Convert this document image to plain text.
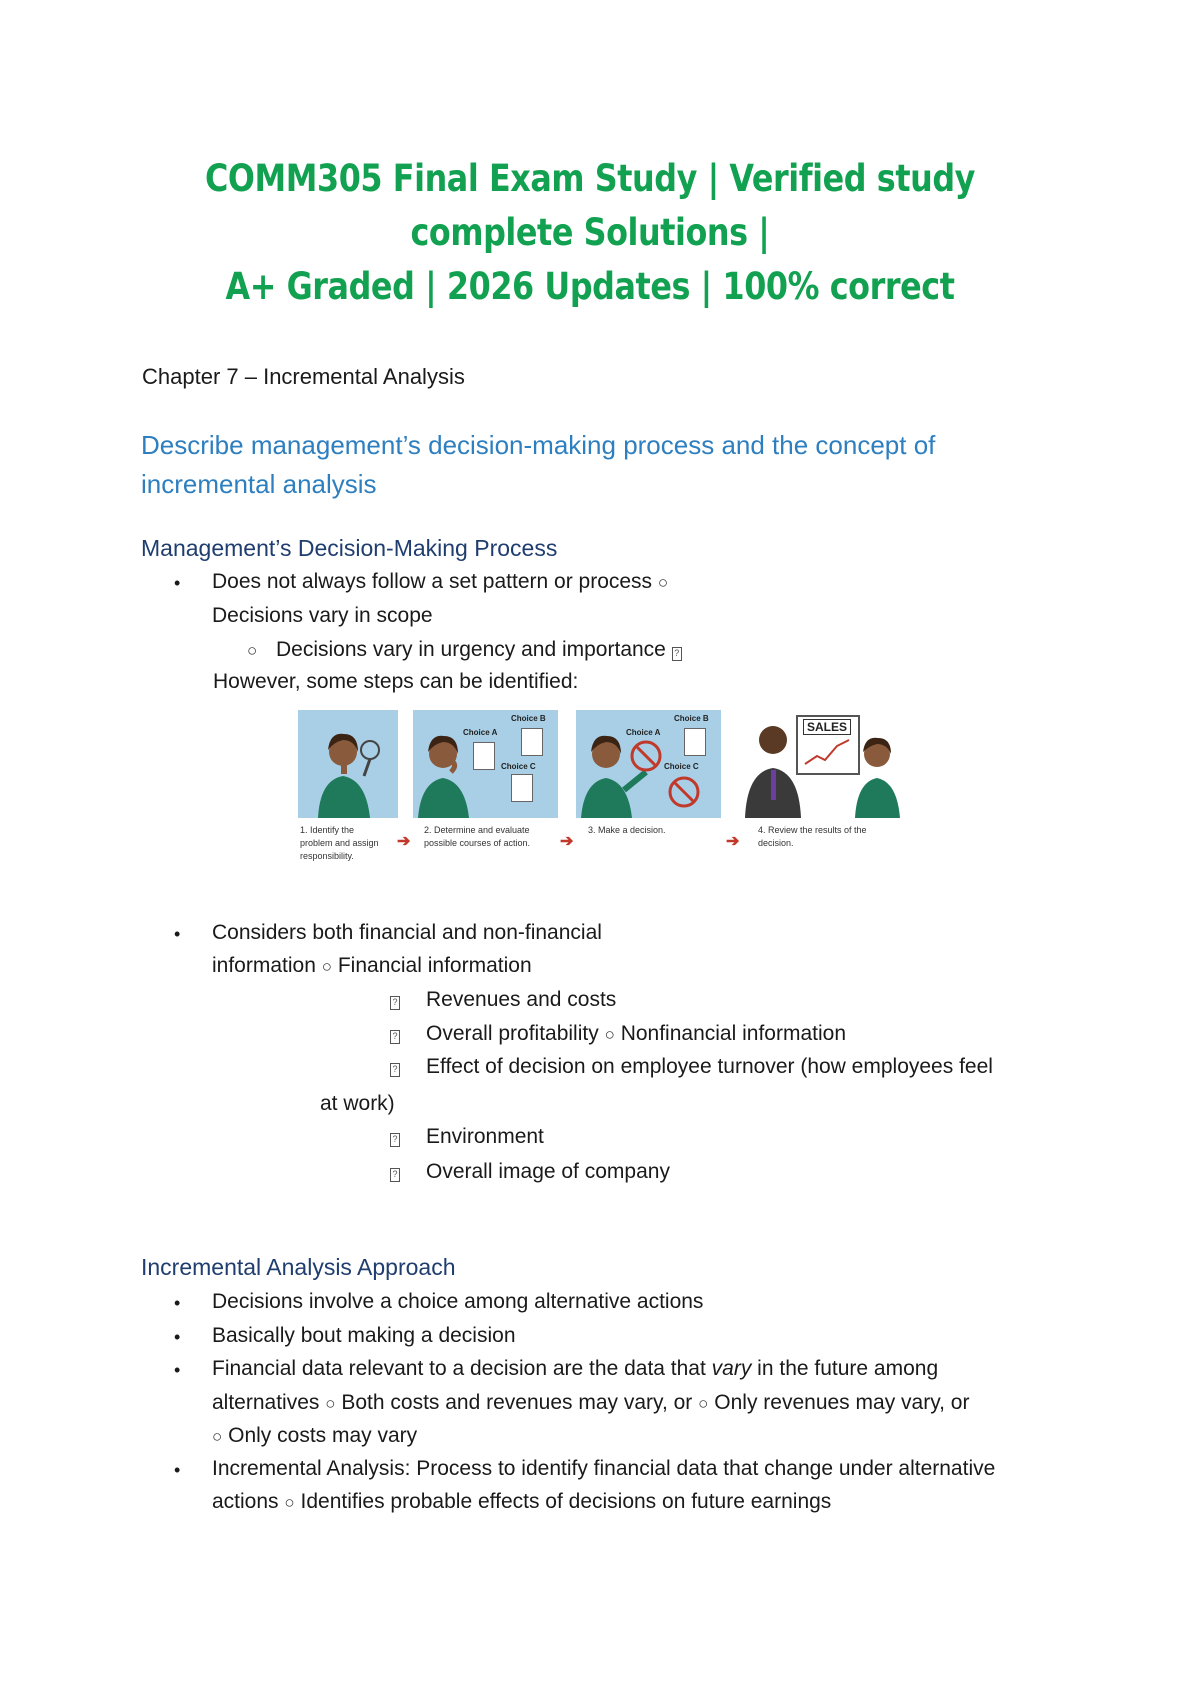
COMM305 Final Exam Study | Verified study complete Solutions |
A+ Graded | 2026 Updates | 100% correct
Chapter 7 – Incremental Analysis
Describe management’s decision-making process and the concept of incremental analysis
Management’s Decision-Making Process
• Does not always follow a set pattern or process ○
Decisions vary in scope
○ Decisions vary in urgency and importance ?
However, some steps can be identified:
1. Identify the problem and assign responsibility.
➔
Choice A
Choice B
Choice C
2. Determine and evaluate possible courses of action.	➔
Choice A
Choice B
Choice C
3. Make a decision.
➔
SALES
4. Review the results of the decision.
• Considers both financial and non-financial
information ○ Financial information
? Revenues and costs
? Overall profitability ○ Nonfinancial information
? Effect of decision on employee turnover (how employees feel
at work)
? Environment
? Overall image of company
Incremental Analysis Approach
• Decisions involve a choice among alternative actions
• Basically bout making a decision
• Financial data relevant to a decision are the data that vary in the future among
alternatives ○ Both costs and revenues may vary, or ○ Only revenues may vary, or
○ Only costs may vary
• Incremental Analysis: Process to identify financial data that change under alternative
actions ○ Identifies probable effects of decisions on future earnings
